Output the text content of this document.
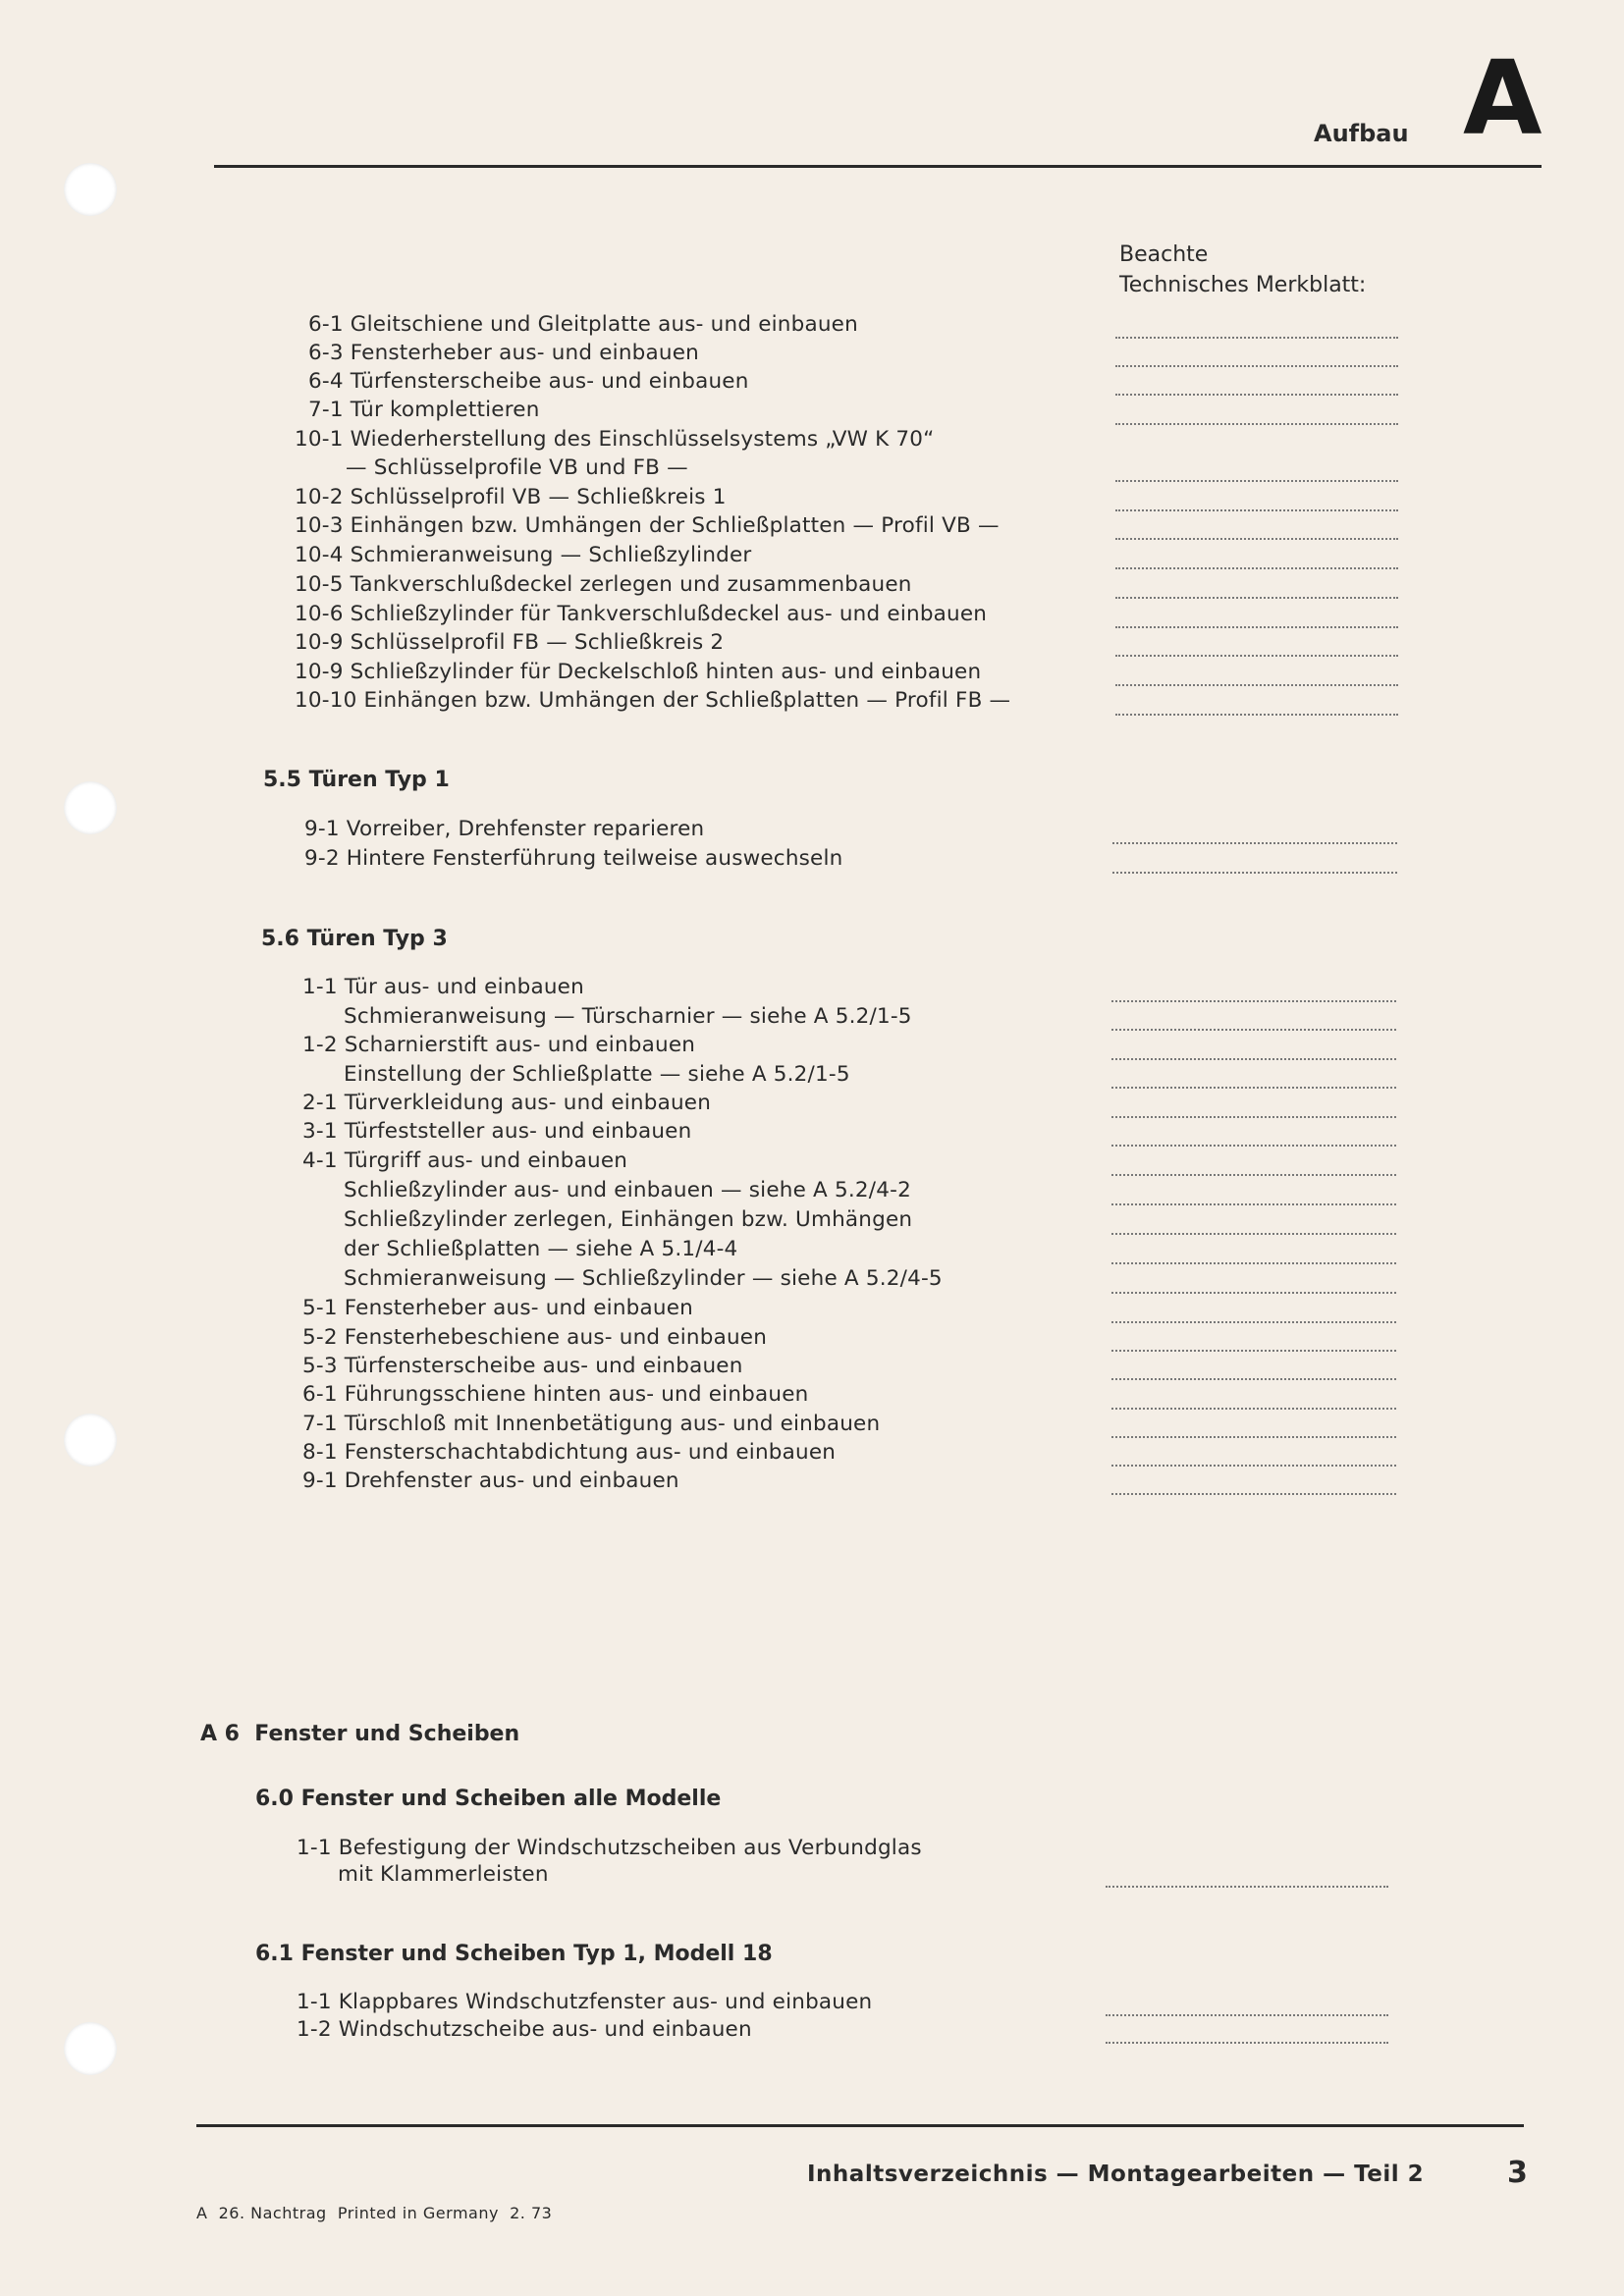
Aufbau A
Beachte
Technisches Merkblatt:
6-1 Gleitschiene und Gleitplatte aus- und einbauen
6-3 Fensterheber aus- und einbauen
6-4 Türfensterscheibe aus- und einbauen
7-1 Tür komplettieren
10-1 Wiederherstellung des Einschlüsselsystems „VW K 70“
— Schlüsselprofile VB und FB —
10-2 Schlüsselprofil VB — Schließkreis 1
10-3 Einhängen bzw. Umhängen der Schließplatten — Profil VB —
10-4 Schmieranweisung — Schließzylinder
10-5 Tankverschlußdeckel zerlegen und zusammenbauen
10-6 Schließzylinder für Tankverschlußdeckel aus- und einbauen
10-9 Schlüsselprofil FB — Schließkreis 2
10-9 Schließzylinder für Deckelschloß hinten aus- und einbauen
10-10 Einhängen bzw. Umhängen der Schließplatten — Profil FB —
5.5 Türen Typ 1
9-1 Vorreiber, Drehfenster reparieren
9-2 Hintere Fensterführung teilweise auswechseln
5.6 Türen Typ 3
1-1 Tür aus- und einbauen
Schmieranweisung — Türscharnier — siehe A 5.2/1-5
1-2 Scharnierstift aus- und einbauen
Einstellung der Schließplatte — siehe A 5.2/1-5
2-1 Türverkleidung aus- und einbauen
3-1 Türfeststeller aus- und einbauen
4-1 Türgriff aus- und einbauen
Schließzylinder aus- und einbauen — siehe A 5.2/4-2
Schließzylinder zerlegen, Einhängen bzw. Umhängen
der Schließplatten — siehe A 5.1/4-4
Schmieranweisung — Schließzylinder — siehe A 5.2/4-5
5-1 Fensterheber aus- und einbauen
5-2 Fensterhebeschiene aus- und einbauen
5-3 Türfensterscheibe aus- und einbauen
6-1 Führungsschiene hinten aus- und einbauen
7-1 Türschloß mit Innenbetätigung aus- und einbauen
8-1 Fensterschachtabdichtung aus- und einbauen
9-1 Drehfenster aus- und einbauen
A 6  Fenster und Scheiben
6.0 Fenster und Scheiben alle Modelle
1-1 Befestigung der Windschutzscheiben aus Verbundglas
mit Klammerleisten
6.1 Fenster und Scheiben Typ 1, Modell 18
1-1 Klappbares Windschutzfenster aus- und einbauen
1-2 Windschutzscheibe aus- und einbauen
Inhaltsverzeichnis — Montagearbeiten — Teil 2	3
A  26. Nachtrag  Printed in Germany  2. 73
